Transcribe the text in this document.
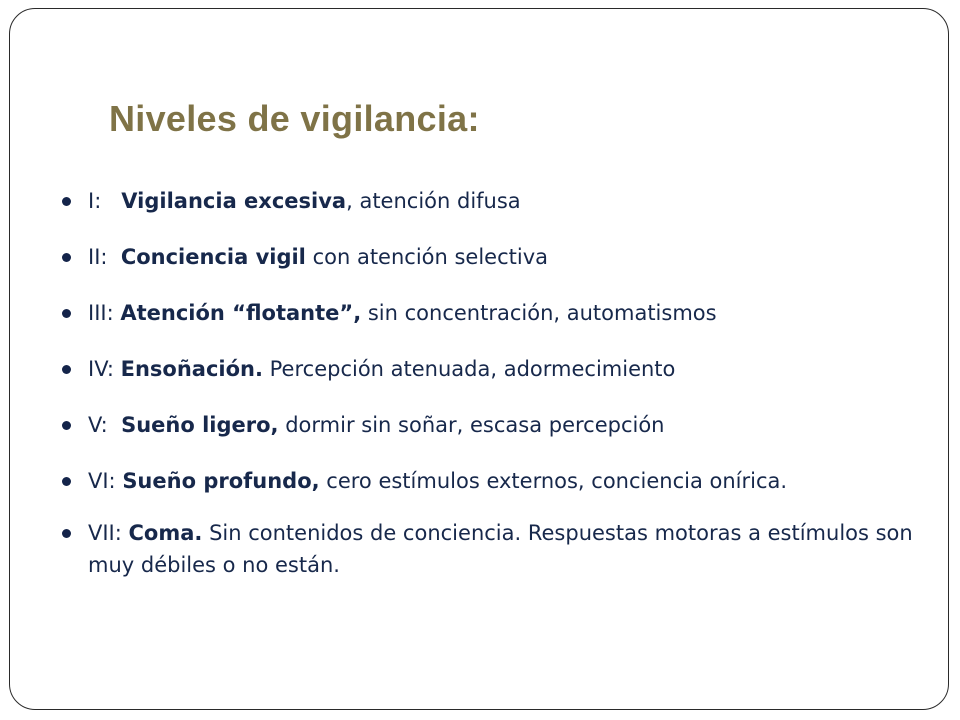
Niveles de vigilancia:
I:   Vigilancia excesiva, atención difusa
II:  Conciencia vigil con atención selectiva
III: Atención “flotante”, sin concentración, automatismos
IV: Ensoñación. Percepción atenuada, adormecimiento
V:  Sueño ligero, dormir sin soñar, escasa percepción
VI: Sueño profundo, cero estímulos externos, conciencia onírica.
VII: Coma. Sin contenidos de conciencia. Respuestas motoras a estímulos son muy débiles o no están.
